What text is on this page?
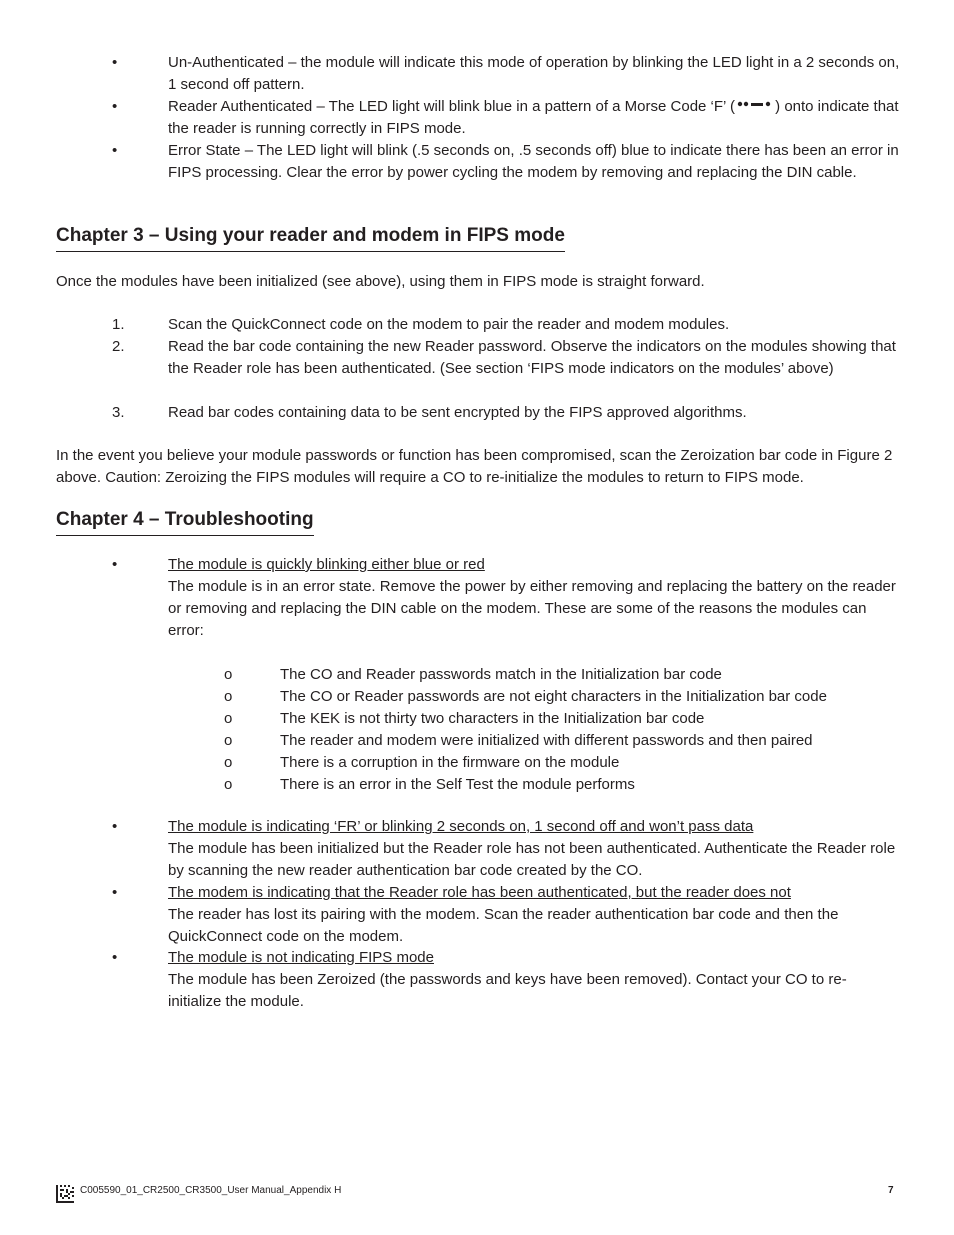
•	Un-Authenticated – the module will indicate this mode of operation by blinking the LED light in a 2 seconds on, 1 second off pattern.
•	Reader Authenticated – The LED light will blink blue in a pattern of a Morse Code ‘F’ ( ) onto indicate that the reader is running correctly in FIPS mode.
•	Error State – The LED light will blink (.5 seconds on, .5 seconds off) blue to indicate there has been an error in FIPS processing. Clear the error by power cycling the modem by removing and replacing the DIN cable.
Chapter 3 – Using your reader and modem in FIPS mode
Once the modules have been initialized (see above), using them in FIPS mode is straight forward.
1.	Scan the QuickConnect code on the modem to pair the reader and modem modules.
2.	Read the bar code containing the new Reader password. Observe the indicators on the modules showing that the Reader role has been authenticated. (See section ‘FIPS mode indicators on the modules’ above)
3.	Read bar codes containing data to be sent encrypted by the FIPS approved algorithms.
In the event you believe your module passwords or function has been compromised, scan the Zeroization bar code in Figure 2 above. Caution: Zeroizing the FIPS modules will require a CO to re-initialize the modules to return to FIPS mode.
Chapter 4 – Troubleshooting
•	The module is quickly blinking either blue or red
The module is in an error state. Remove the power by either removing and replacing the battery on the reader or removing and replacing the DIN cable on the modem. These are some of the reasons the modules can error:
o	The CO and Reader passwords match in the Initialization bar code
o	The CO or Reader passwords are not eight characters in the Initialization bar code
o	The KEK is not thirty two characters in the Initialization bar code
o	The reader and modem were initialized with different passwords and then paired
o	There is a corruption in the firmware on the module
o	There is an error in the Self Test the module performs
•	The module is indicating ‘FR’ or blinking 2 seconds on, 1 second off and won’t pass data
The module has been initialized but the Reader role has not been authenticated. Authenticate the Reader role by scanning the new reader authentication bar code created by the CO.
•	The modem is indicating that the Reader role has been authenticated, but the reader does not
The reader has lost its pairing with the modem. Scan the reader authentication bar code and then the QuickConnect code on the modem.
•	The module is not indicating FIPS mode
The module has been Zeroized (the passwords and keys have been removed). Contact your CO to re-initialize the module.
C005590_01_CR2500_CR3500_User Manual_Appendix H	7
